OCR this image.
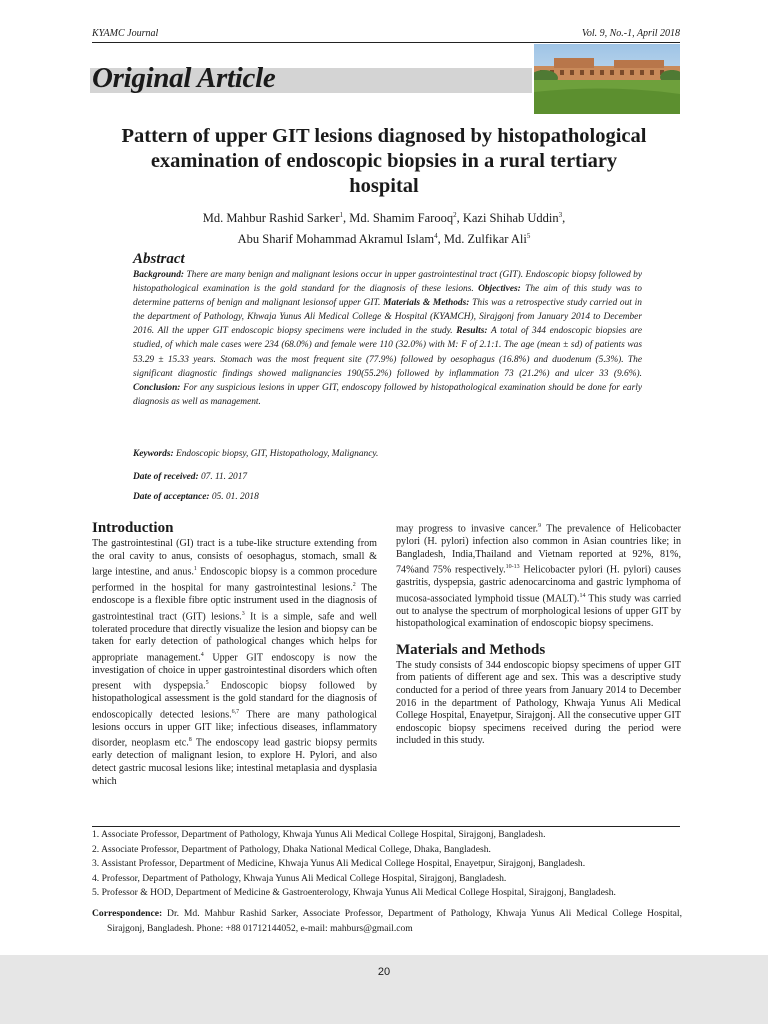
KYAMC Journal	Vol. 9, No.-1, April 2018
Original Article
Pattern of upper GIT lesions diagnosed by histopathological examination of endoscopic biopsies in a rural tertiary hospital
Md. Mahbur Rashid Sarker$^1$, Md. Shamim Farooq$^2$, Kazi Shihab Uddin$^3$,
Abu Sharif Mohammad Akramul Islam$^4$, Md. Zulfikar Ali$^5$
Abstract
Background: There are many benign and malignant lesions occur in upper gastrointestinal tract (GIT). Endoscopic biopsy followed by histopathological examination is the gold standard for the diagnosis of these lesions. Objectives: The aim of this study was to determine patterns of benign and malignant lesionsof upper GIT. Materials & Methods: This was a retrospective study carried out in the department of Pathology, Khwaja Yunus Ali Medical College & Hospital (KYAMCH), Sirajgonj from January 2014 to December 2016. All the upper GIT endoscopic biopsy specimens were included in the study. Results: A total of 344 endoscopic biopsies are studied, of which male cases were 234 (68.0%) and female were 110 (32.0%) with M: F of 2.1:1. The age (mean ± sd) of patients was 53.29 ± 15.33 years. Stomach was the most frequent site (77.9%) followed by oesophagus (16.8%) and duodenum (5.3%). The significant diagnostic findings showed malignancies 190(55.2%) followed by inflammation 73 (21.2%) and ulcer 33 (9.6%). Conclusion: For any suspicious lesions in upper GIT, endoscopy followed by histopathological examination should be done for early diagnosis as well as management.
Keywords: Endoscopic biopsy, GIT, Histopathology, Malignancy.
Date of received: 07. 11. 2017
Date of acceptance: 05. 01. 2018
Introduction

The gastrointestinal (GI) tract is a tube-like structure extending from the oral cavity to anus, consists of oesophagus, stomach, small & large intestine, and anus.$^1$ Endoscopic biopsy is a common procedure performed in the hospital for many gastrointestinal lesions.$^2$ The endoscope is a flexible fibre optic instrument used in the diagnosis of gastrointestinal tract (GIT) lesions.$^3$ It is a simple, safe and well tolerated procedure that directly visualize the lesion and biopsy can be taken for early detection of pathological changes which helps for appropriate management.$^4$ Upper GIT endoscopy is now the investigation of choice in upper gastrointestinal disorders which often present with dyspepsia.$^5$ Endoscopic biopsy followed by histopathological assessment is the gold standard for the diagnosis of endoscopically detected lesions.$^{6,7}$ There are many pathological lesions occurs in upper GIT like; infectious diseases, inflammatory disorder, neoplasm etc.$^8$ The endoscopy lead gastric biopsy permits early detection of malignant lesion, to explore H. Pylori, and also detect gastric mucosal lesions like; intestinal metaplasia and dysplasia which

may progress to invasive cancer.$^9$ The prevalence of Helicobacter pylori (H. pylori) infection also common in Asian countries like; in Bangladesh, India,Thailand and Vietnam reported at 92%, 81%, 74%and 75% respectively.$^{10-13}$ Helicobacter pylori (H. pylori) causes gastritis, dyspepsia, gastric adenocarcinoma and gastric lymphoma of mucosa-associated lymphoid tissue (MALT).$^{14}$ This study was carried out to analyse the spectrum of morphological lesions of upper GIT by histopathological examination of endoscopic biopsy specimens.

Materials and Methods

The study consists of 344 endoscopic biopsy specimens of upper GIT from patients of different age and sex. This was a descriptive study conducted for a period of three years from January 2014 to December 2016 in the department of Pathology, Khwaja Yunus Ali Medical College Hospital, Enayetpur, Sirajgonj. All the consecutive upper GIT endoscopic biopsy specimens received during the period were included in this study.

1. Associate Professor, Department of Pathology, Khwaja Yunus Ali Medical College Hospital, Sirajgonj, Bangladesh.
2. Associate Professor, Department of Pathology, Dhaka National Medical College, Dhaka, Bangladesh.
3. Assistant Professor, Department of Medicine, Khwaja Yunus Ali Medical College Hospital, Enayetpur, Sirajgonj, Bangladesh.
4. Professor, Department of Pathology, Khwaja Yunus Ali Medical College Hospital, Sirajgonj, Bangladesh.
5. Professor & HOD, Department of Medicine & Gastroenterology, Khwaja Yunus Ali Medical College Hospital, Sirajgonj, Bangladesh.
Correspondence: Dr. Md. Mahbur Rashid Sarker, Associate Professor, Department of Pathology, Khwaja Yunus Ali Medical College Hospital, Sirajgonj, Bangladesh. Phone: +88 01712144052, e-mail: mahburs@gmail.com
20
